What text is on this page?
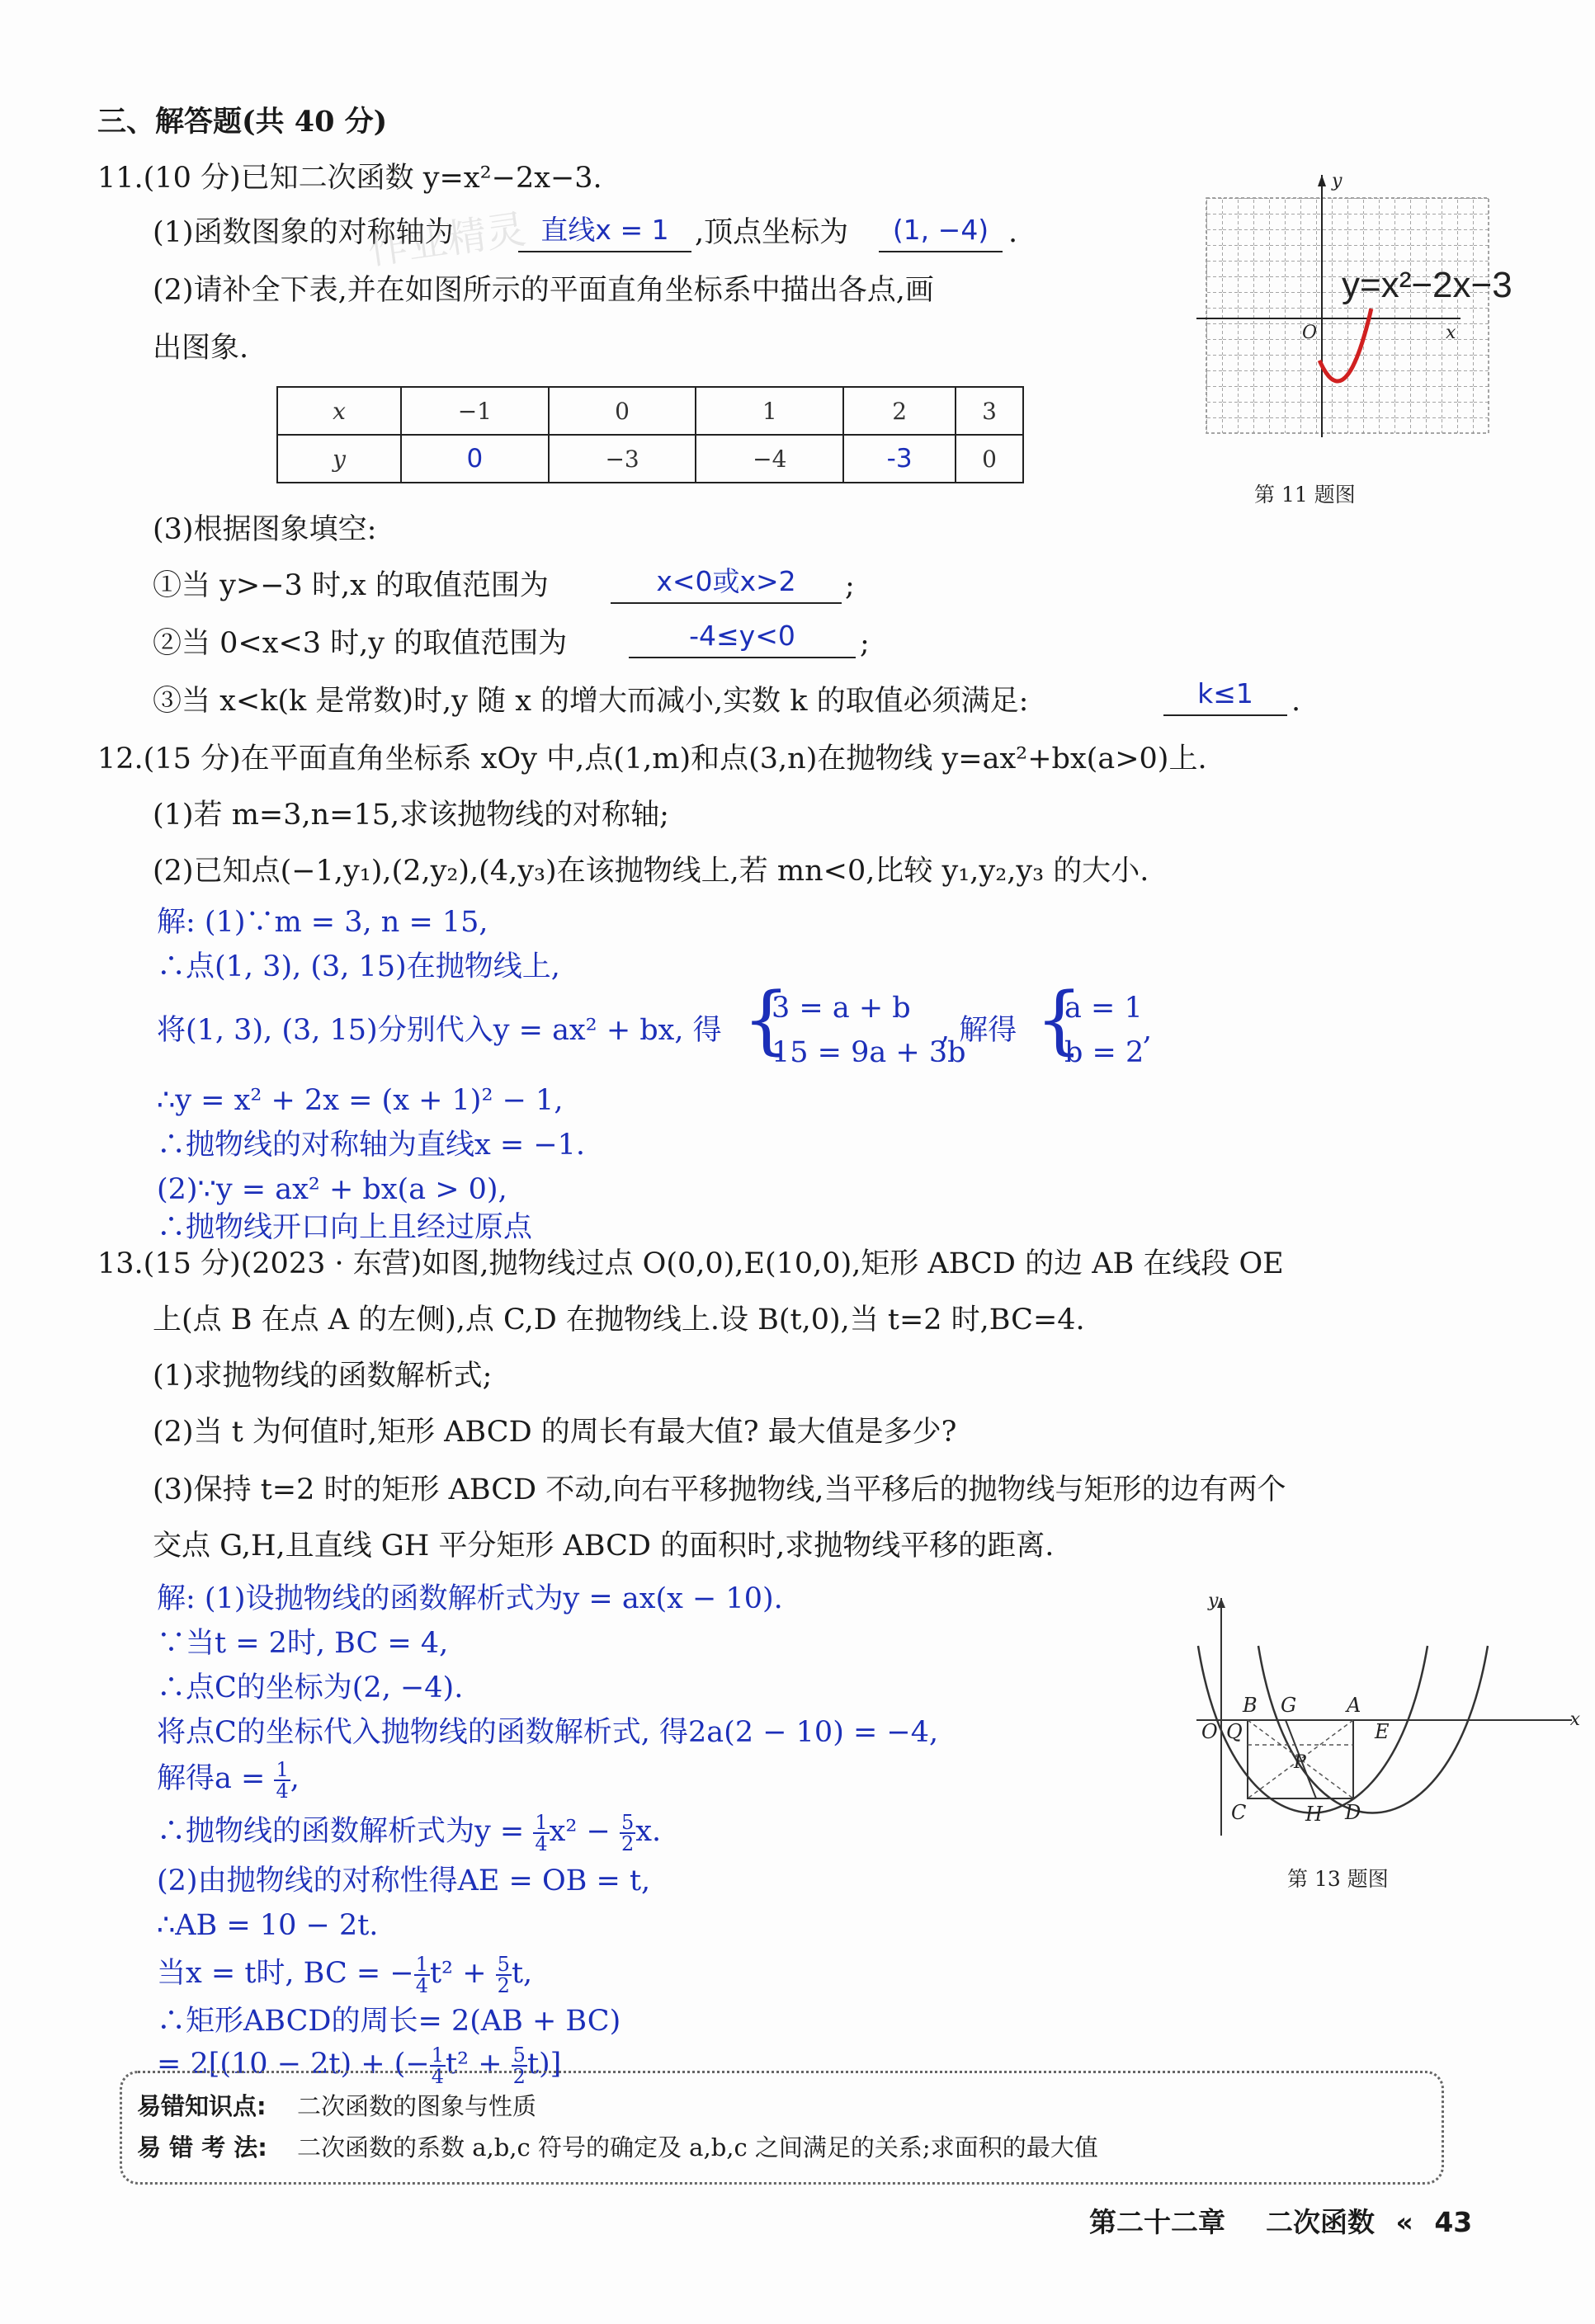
三、解答题(共 40 分)
11.(10 分)已知二次函数 y=x²−2x−3.
(1)函数图象的对称轴为	直线x = 1 ,顶点坐标为	(1, −4) .
(2)请补全下表,并在如图所示的平面直角坐标系中描出各点,画
出图象.
x	−1	0	1	2	3
y	0	−3	−4	-3	0
y
O	x
y=x²−2x−3
第 11 题图
(3)根据图象填空:
①当 y>−3 时,x 的取值范围为	x<0或x>2	;
②当 0<x<3 时,y 的取值范围为	-4≤y<0	;
③当 x<k(k 是常数)时,y 随 x 的增大而减小,实数 k 的取值必须满足:	k≤1	.
12.(15 分)在平面直角坐标系 xOy 中,点(1,m)和点(3,n)在抛物线 y=ax²+bx(a>0)上.
(1)若 m=3,n=15,求该抛物线的对称轴;
(2)已知点(−1,y₁),(2,y₂),(4,y₃)在该抛物线上,若 mn<0,比较 y₁,y₂,y₃ 的大小.
解: (1)∵m = 3, n = 15,
∴点(1, 3), (3, 15)在抛物线上,
将(1, 3), (3, 15)分别代入y = ax² + bx, 得 {
3 = a + b
15 = 9a + 3b
, 解得 {
a = 1
b = 2
,
∴y = x² + 2x = (x + 1)² − 1,
∴抛物线的对称轴为直线x = −1.
(2)∵y = ax² + bx(a > 0),
∴抛物线开口向上且经过原点
13.(15 分)(2023 · 东营)如图,抛物线过点 O(0,0),E(10,0),矩形 ABCD 的边 AB 在线段 OE
上(点 B 在点 A 的左侧),点 C,D 在抛物线上.设 B(t,0),当 t=2 时,BC=4.
(1)求抛物线的函数解析式;
(2)当 t 为何值时,矩形 ABCD 的周长有最大值? 最大值是多少?
(3)保持 t=2 时的矩形 ABCD 不动,向右平移抛物线,当平移后的抛物线与矩形的边有两个
交点 G,H,且直线 GH 平分矩形 ABCD 的面积时,求抛物线平移的距离.
解: (1)设抛物线的函数解析式为y = ax(x − 10).
∵当t = 2时, BC = 4,
∴点C的坐标为(2, −4).
将点C的坐标代入抛物线的函数解析式, 得2a(2 − 10) = −4,
解得$a = \frac{1}{4}$ ,
∴抛物线的函数解析式为$y = \frac{1}{4} x^2 - \frac{5}{2} x$.
(2)由抛物线的对称性得AE = OB = t,
∴AB = 10 − 2t.
当x = t时, BC = − $\frac{1}{4} t^2 + \frac{5}{2} t$,
∴矩形ABCD的周长= 2(AB + BC)
= 2[(10 − 2t) + (− $\frac{1}{4} t^2 + \frac{5}{2} t$)]
x
y
O Q
B G	A
E
P
C	H D
第 13 题图
易错知识点: 二次函数的图象与性质
易 错 考 法: 二次函数的系数 a,b,c 符号的确定及 a,b,c 之间满足的关系;求面积的最大值
第二十二章 二次函数 « 43
作业精灵
